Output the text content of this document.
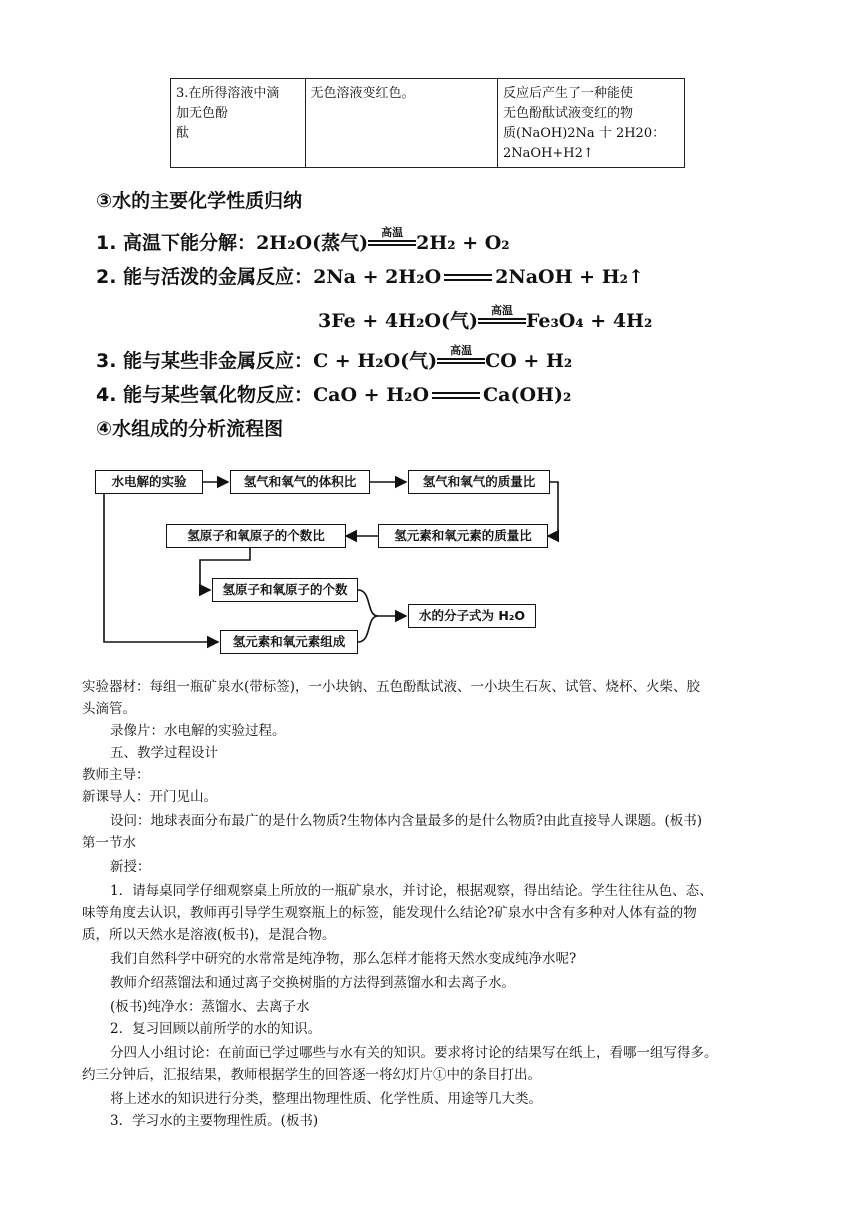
3.在所得溶液中滴
加无色酚
酞

无色溶液变红色。	反应后产生了一种能使
无色酚酞试液变红的物
质(NaOH)2Na 十 2H20：
2NaOH+H2↑
③水的主要化学性质归纳
1. 高温下能分解：2H₂O(蒸气)	高温 2H₂ + O₂
2. 能与活泼的金属反应：2Na + 2H₂O	2NaOH + H₂↑
3Fe + 4H₂O(气)	高温 Fe₃O₄ + 4H₂
3. 能与某些非金属反应：C + H₂O(气)	高温 CO + H₂
4. 能与某些氧化物反应：CaO + H₂O	Ca(OH)₂
④水组成的分析流程图
水电解的实验	氢气和氧气的体积比	氢气和氧气的质量比
氢原子和氧原子的个数比	氢元素和氧元素的质量比
氢原子和氧原子的个数
水的分子式为 H₂O
氢元素和氧元素组成
实验器材：每组一瓶矿泉水(带标签)，一小块钠、五色酚酞试液、一小块生石灰、试管、烧杯、火柴、胶
头滴管。
录像片：水电解的实验过程。
五、教学过程设计
教师主导：
新课导人：开门见山。
设问：地球表面分布最广的是什么物质?生物体内含量最多的是什么物质?由此直接导人课题。(板书)
第一节水
新授：
1．请每桌同学仔细观察桌上所放的一瓶矿泉水，并讨论，根据观察，得出结论。学生往往从色、态、
味等角度去认识，教师再引导学生观察瓶上的标签，能发现什么结论?矿泉水中含有多种对人体有益的物
质，所以天然水是溶液(板书)，是混合物。
我们自然科学中研究的水常常是纯净物，那么怎样才能将天然水变成纯净水呢?
教师介绍蒸馏法和通过离子交换树脂的方法得到蒸馏水和去离子水。
(板书)纯净水：蒸馏水、去离子水
2．复习回顾以前所学的水的知识。
分四人小组讨论：在前面已学过哪些与水有关的知识。要求将讨论的结果写在纸上，看哪一组写得多。
约三分钟后，汇报结果，教师根据学生的回答逐一将幻灯片①中的条目打出。
将上述水的知识进行分类，整理出物理性质、化学性质、用途等几大类。
3．学习水的主要物理性质。(板书)
